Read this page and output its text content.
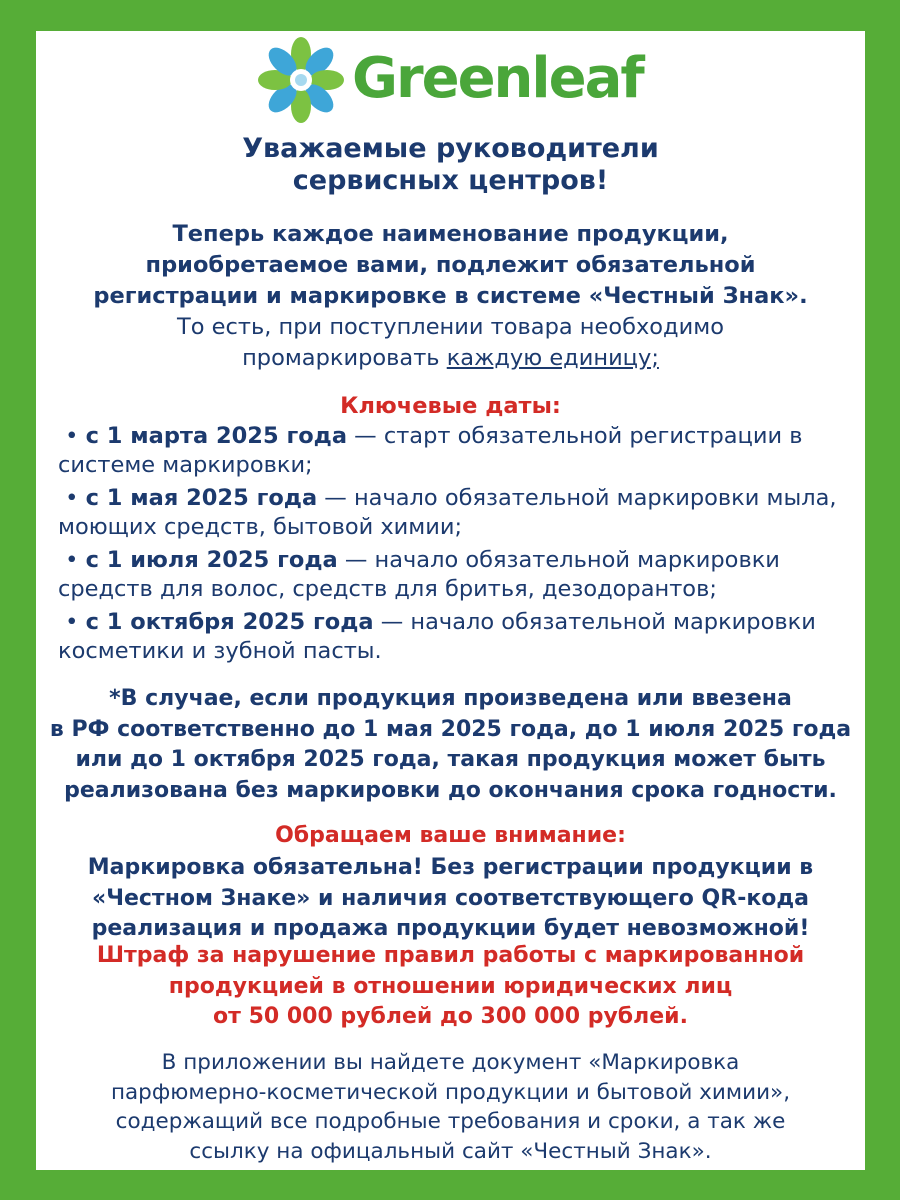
Greenleaf
Уважаемые руководители
сервисных центров!
Теперь каждое наименование продукции,
приобретаемое вами, подлежит обязательной
регистрации и маркировке в системе «Честный Знак».
То есть, при поступлении товара необходимо
промаркировать каждую единицу;
Ключевые даты:
• с 1 марта 2025 года — старт обязательной регистрации в системе маркировки;
• с 1 мая 2025 года — начало обязательной маркировки мыла, моющих средств, бытовой химии;
• с 1 июля 2025 года — начало обязательной маркировки средств для волос, средств для бритья, дезодорантов;
• с 1 октября 2025 года — начало обязательной маркировки косметики и зубной пасты.
*В случае, если продукция произведена или ввезена
в РФ соответственно до 1 мая 2025 года, до 1 июля 2025 года
или до 1 октября 2025 года, такая продукция может быть
реализована без маркировки до окончания срока годности.
Обращаем ваше внимание:
Маркировка обязательна! Без регистрации продукции в
«Честном Знаке» и наличия соответствующего QR-кода
реализация и продажа продукции будет невозможной!
Штраф за нарушение правил работы с маркированной
продукцией в отношении юридических лиц
от 50 000 рублей до 300 000 рублей.
В приложении вы найдете документ «Маркировка
парфюмерно-косметической продукции и бытовой химии»,
содержащий все подробные требования и сроки, а так же
ссылку на офицальный сайт «Честный Знак».
